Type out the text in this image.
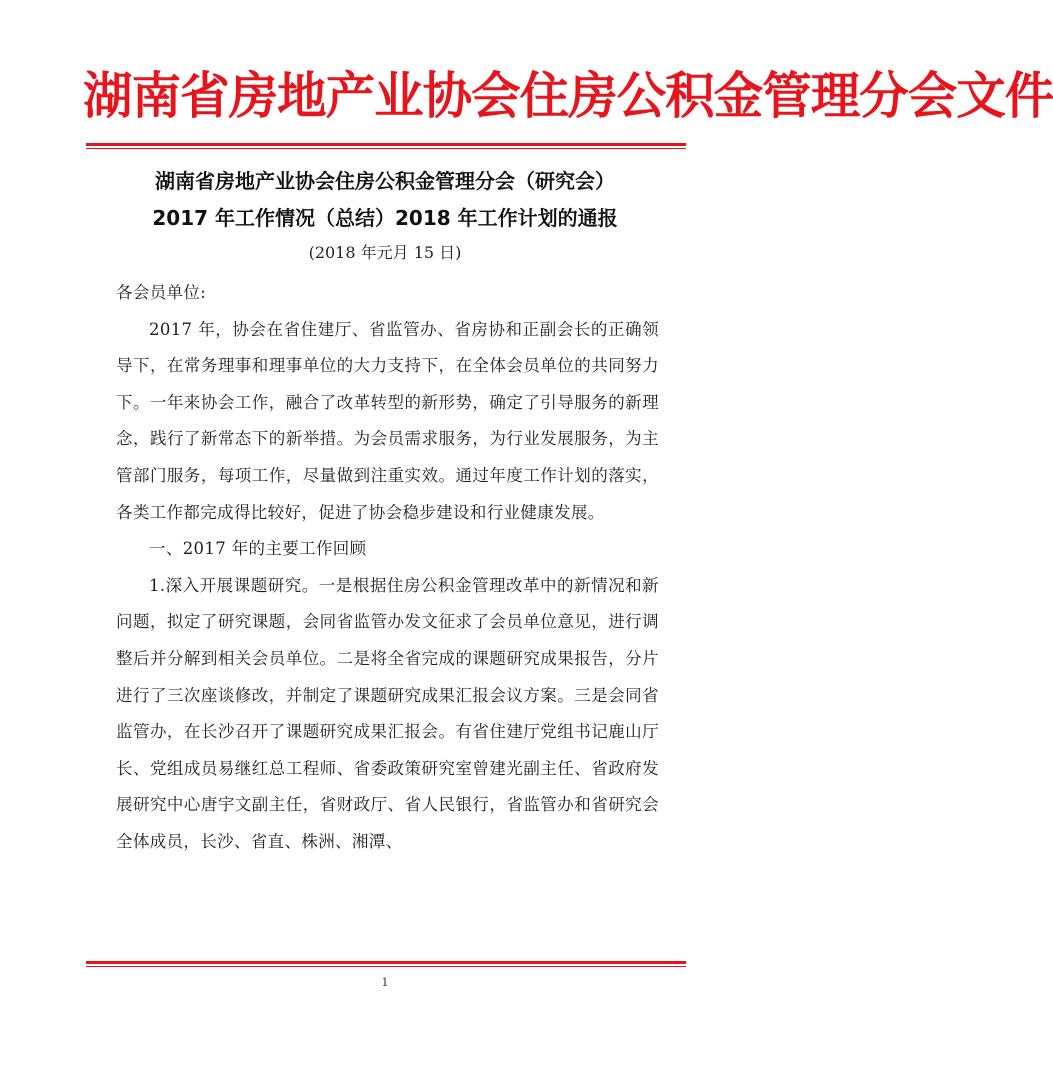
湖南省房地产业协会住房公积金管理分会文件
湖南省房地产业协会住房公积金管理分会（研究会）
2017 年工作情况（总结）2018 年工作计划的通报
(2018 年元月 15 日)

各会员单位:

2017 年，协会在省住建厅、省监管办、省房协和正副会长的正确领导下，在常务理事和理事单位的大力支持下，在全体会员单位的共同努力下。一年来协会工作，融合了改革转型的新形势，确定了引导服务的新理念，践行了新常态下的新举措。为会员需求服务，为行业发展服务，为主管部门服务，每项工作，尽量做到注重实效。通过年度工作计划的落实，各类工作都完成得比较好，促进了协会稳步建设和行业健康发展。

一、2017 年的主要工作回顾

1.深入开展课题研究。一是根据住房公积金管理改革中的新情况和新问题，拟定了研究课题，会同省监管办发文征求了会员单位意见，进行调整后并分解到相关会员单位。二是将全省完成的课题研究成果报告，分片进行了三次座谈修改，并制定了课题研究成果汇报会议方案。三是会同省监管办，在长沙召开了课题研究成果汇报会。有省住建厅党组书记鹿山厅长、党组成员易继红总工程师、省委政策研究室曾建光副主任、省政府发展研究中心唐宇文副主任，省财政厅、省人民银行，省监管办和省研究会全体成员，长沙、省直、株洲、湘潭、

1
